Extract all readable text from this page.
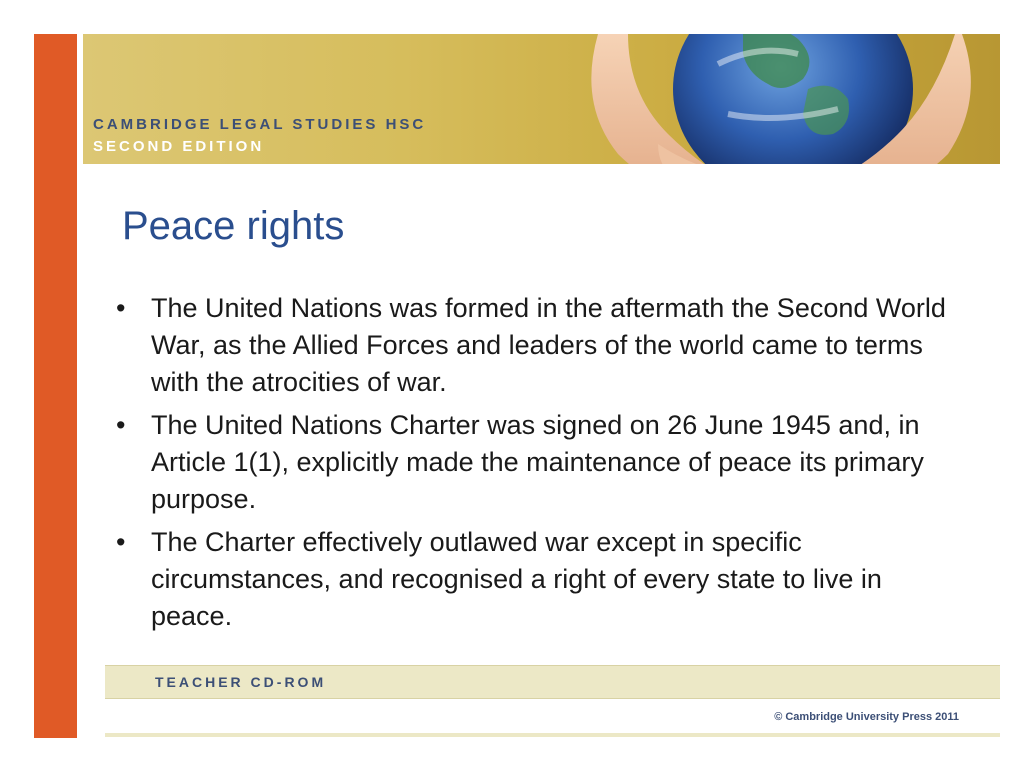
CAMBRIDGE LEGAL STUDIES HSC
SECOND EDITION
Peace rights
• The United Nations was formed in the aftermath the Second World War, as the Allied Forces and leaders of the world came to terms with the atrocities of war.
• The United Nations Charter was signed on 26 June 1945 and, in Article 1(1), explicitly made the maintenance of peace its primary purpose.
• The Charter effectively outlawed war except in specific circumstances, and recognised a right of every state to live in peace.
TEACHER CD-ROM
© Cambridge University Press 2011
